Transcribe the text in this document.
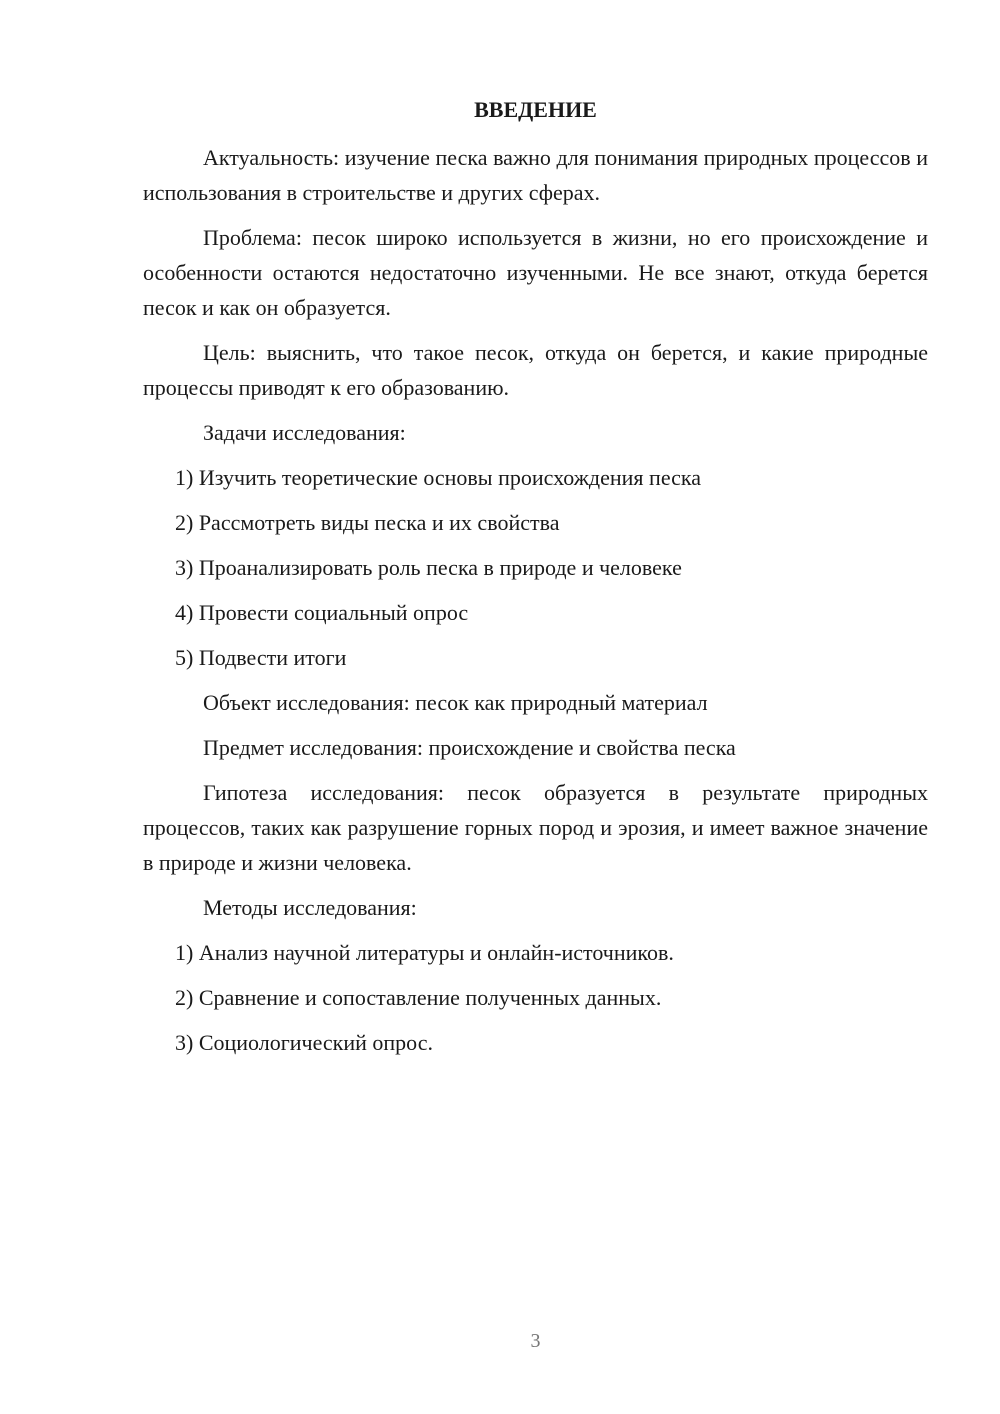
ВВЕДЕНИЕ

Актуальность: изучение песка важно для понимания природных процессов и использования в строительстве и других сферах.

Проблема: песок широко используется в жизни, но его происхождение и особенности остаются недостаточно изученными. Не все знают, откуда берется песок и как он образуется.

Цель: выяснить, что такое песок, откуда он берется, и какие природные процессы приводят к его образованию.

Задачи исследования:

1) Изучить теоретические основы происхождения песка

2) Рассмотреть виды песка и их свойства

3) Проанализировать роль песка в природе и человеке

4) Провести социальный опрос

5) Подвести итоги

Объект исследования: песок как природный материал

Предмет исследования: происхождение и свойства песка

Гипотеза исследования: песок образуется в результате природных процессов, таких как разрушение горных пород и эрозия, и имеет важное значение в природе и жизни человека.

Методы исследования:

1) Анализ научной литературы и онлайн-источников.

2) Сравнение и сопоставление полученных данных.

3) Социологический опрос.

3
